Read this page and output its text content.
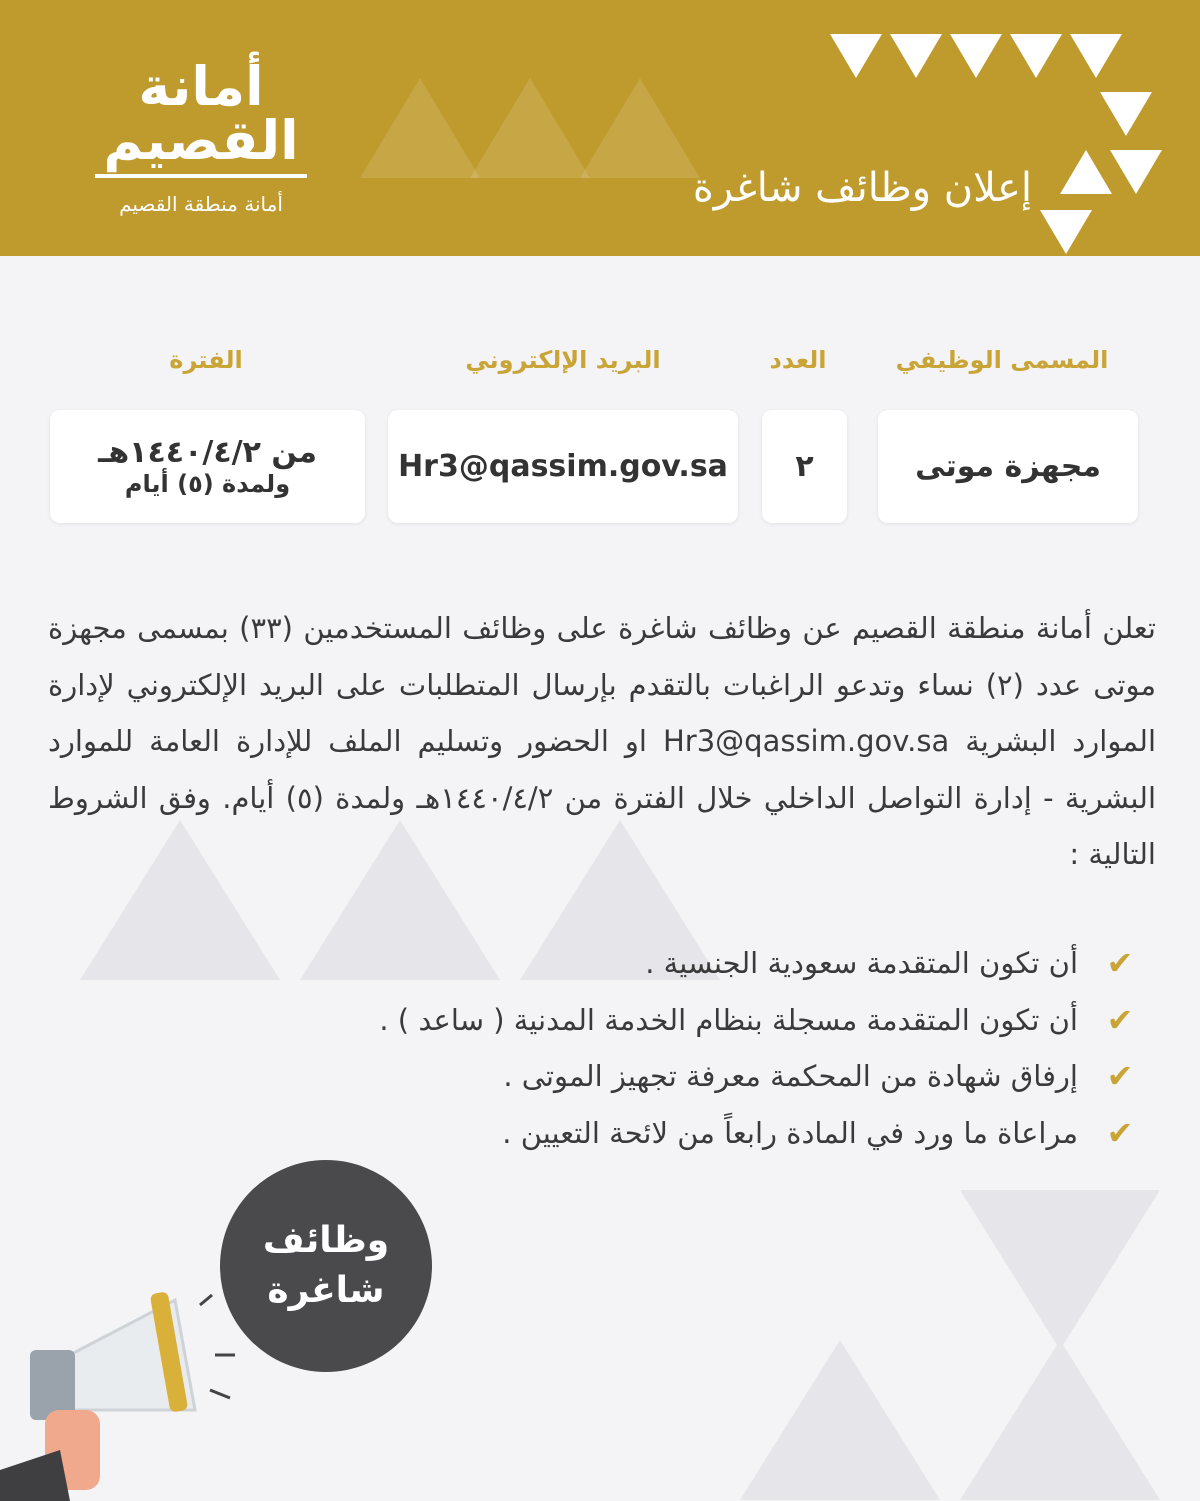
إعلان وظائف شاغرة
أمانة القصيم
أمانة منطقة القصيم
المسمى الوظيفي
العدد
البريد الإلكتروني
الفترة
مجهزة موتى
٢
Hr3@qassim.gov.sa
من ١٤٤٠/٤/٢هـ
ولمدة (٥) أيام

تعلن أمانة منطقة القصيم عن وظائف شاغرة على وظائف المستخدمين (٣٣) بمسمى مجهزة موتى عدد (٢) نساء وتدعو الراغبات بالتقدم بإرسال المتطلبات على البريد الإلكتروني لإدارة الموارد البشرية Hr3@qassim.gov.sa او الحضور وتسليم الملف للإدارة العامة للموارد البشرية - إدارة التواصل الداخلي خلال الفترة من ١٤٤٠/٤/٢هـ ولمدة (٥) أيام. وفق الشروط التالية :

✔
أن تكون المتقدمة سعودية الجنسية .
✔
أن تكون المتقدمة مسجلة بنظام الخدمة المدنية ( ساعد ) .
✔
إرفاق شهادة من المحكمة معرفة تجهيز الموتى .
✔
مراعاة ما ورد في المادة رابعاً من لائحة التعيين .
وظائف
شاغرة
